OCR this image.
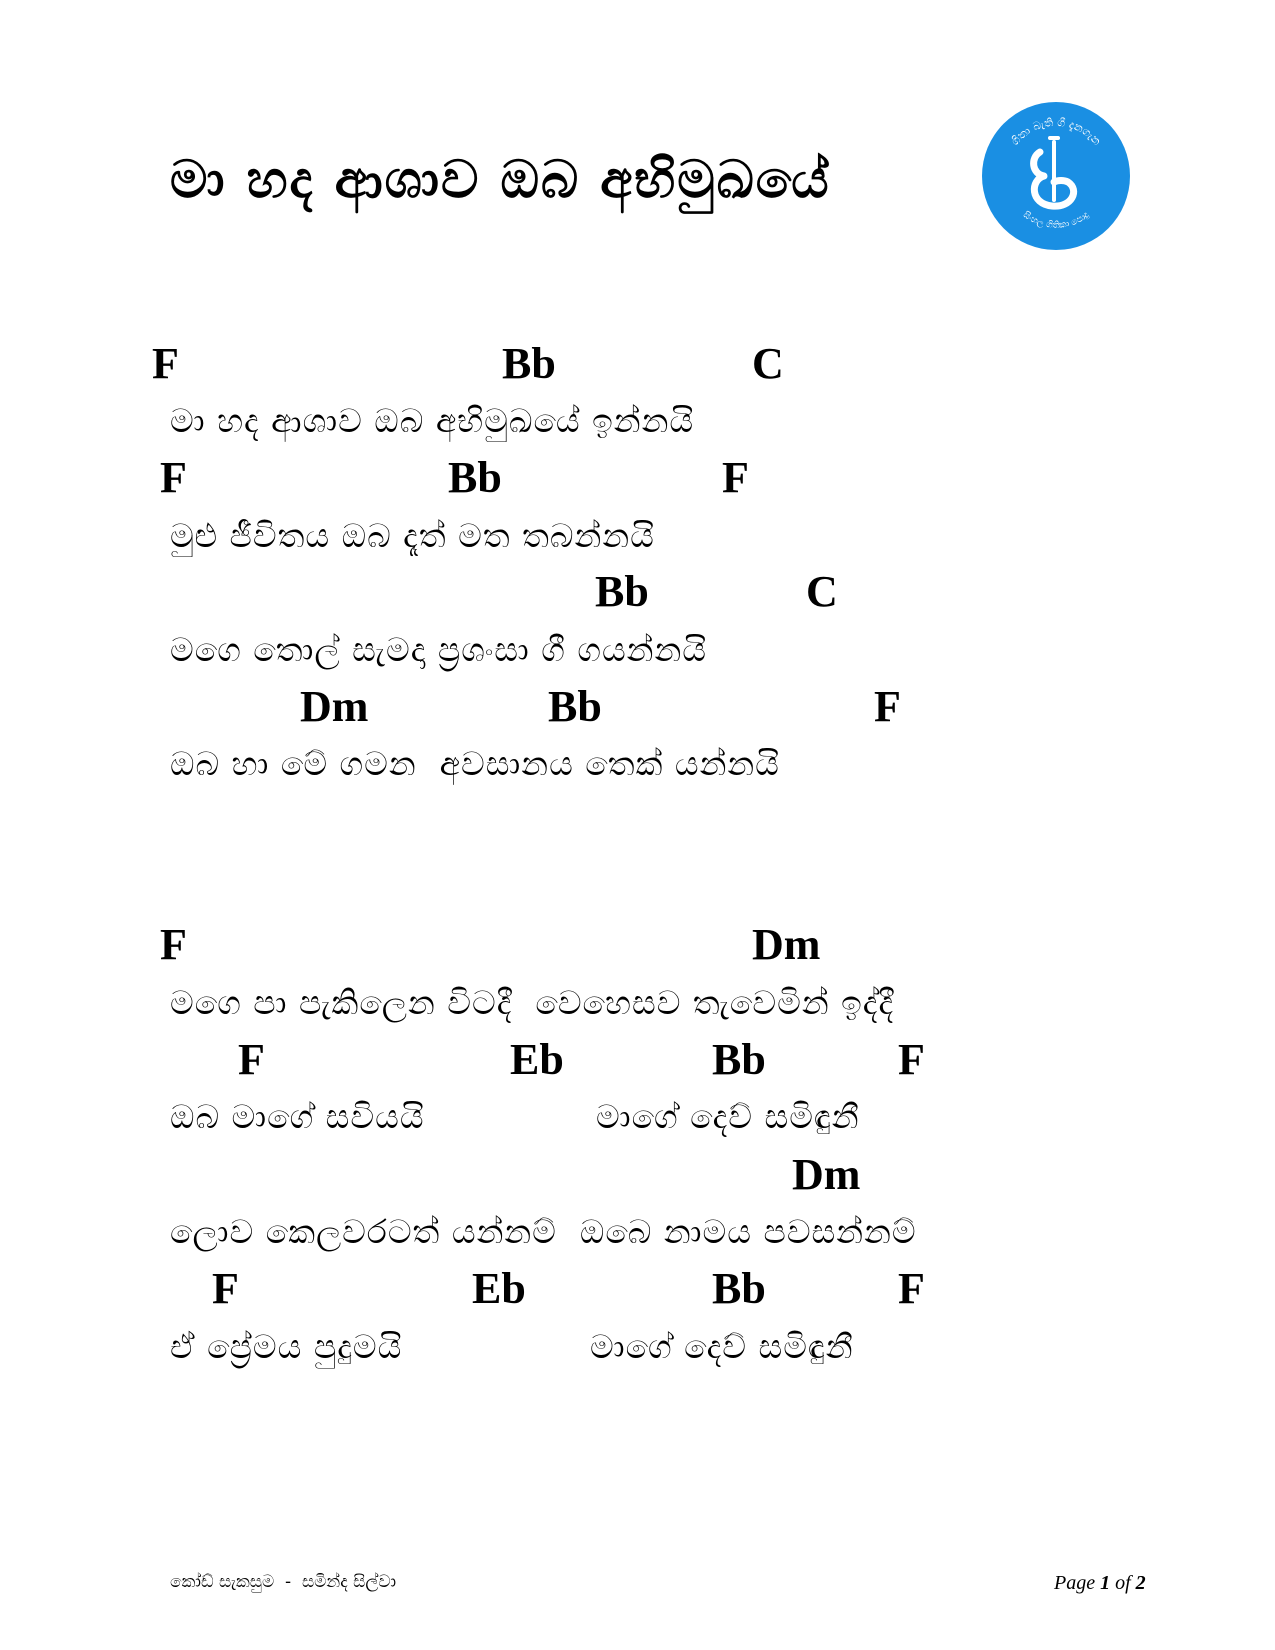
මා හද ආශාව ඔබ අභිමුඛයේ
ගිතා බැති ගී දැනගැන
සිංහල ගිතිකා පොදු
F	Bb	C
මා හද ආශාව ඔබ අභිමුඛයේ ඉන්නයි
F	Bb	F
මුළු ජීවිතය ඔබ දෑත් මත තබන්නයි
Bb	C
මගෙ තොල් සැමදා ප්‍රශංසා ගී ගයන්නයි
Dm	Bb	F
ඔබ හා මේ ගමන  අවසානය තෙක් යන්නයි
F	Dm
මගෙ පා පැකිලෙන විටදී  වෙහෙසව තැවෙමින් ඉද්දී
F	Eb	Bb	F
ඔබ මාගේ සවියයි	මාගේ දෙව් සමිඳුනී
Dm
ලොව කෙලවරටත් යන්නම්  ඔබෙ නාමය පවසන්නම්
F	Eb	Bb	F
ඒ ප්‍රේමය පුදුමයි	මාගේ දෙව් සමිඳුනී
කෝඩ් සැකසුම  -  සමින්ද සිල්වා	Page 1 of 2
